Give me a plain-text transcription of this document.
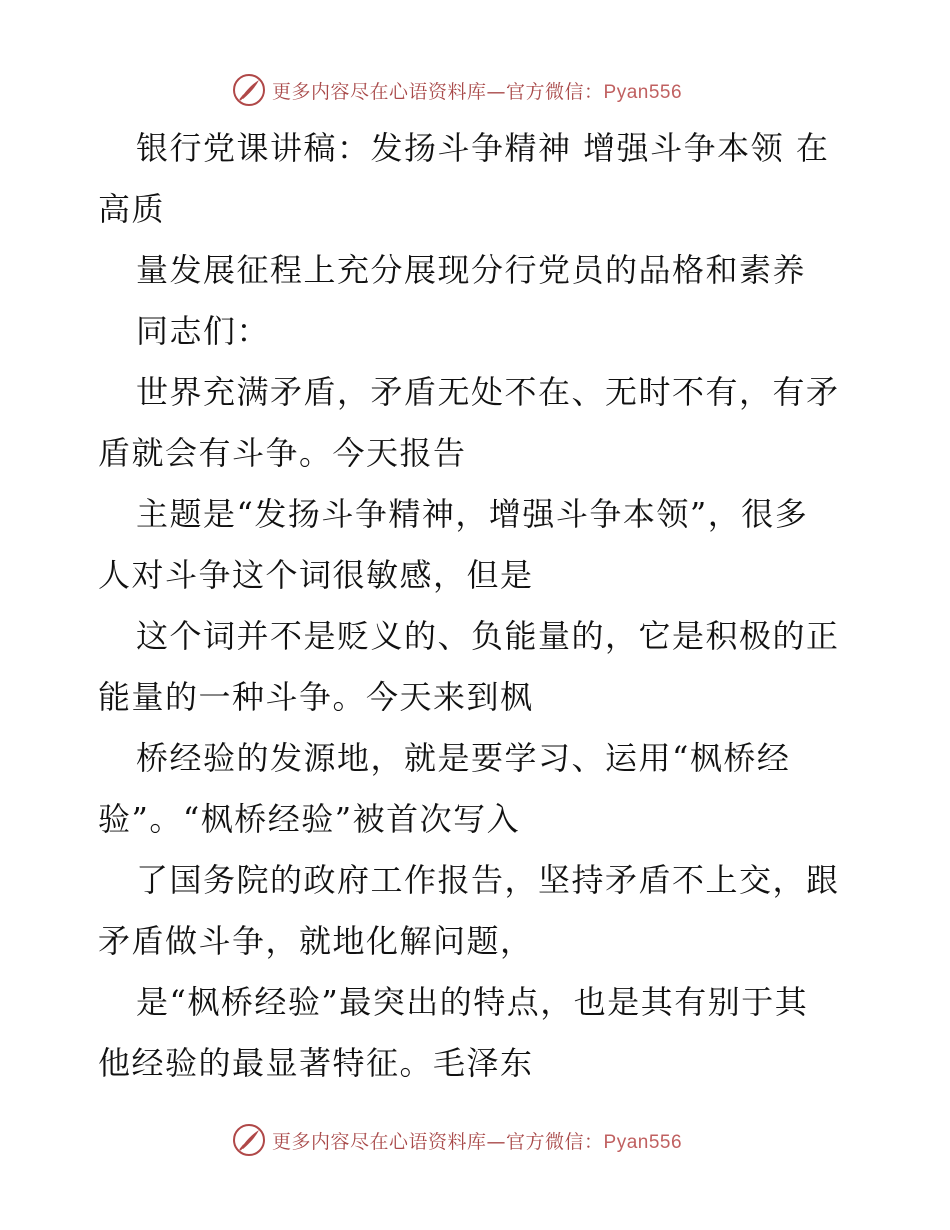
更多内容尽在心语资料库—官方微信：Pyan556
银行党课讲稿：发扬斗争精神 增强斗争本领 在
高质
量发展征程上充分展现分行党员的品格和素养
同志们：
世界充满矛盾，矛盾无处不在、无时不有，有矛
盾就会有斗争。今天报告
主题是“发扬斗争精神，增强斗争本领”，很多
人对斗争这个词很敏感，但是
这个词并不是贬义的、负能量的，它是积极的正
能量的一种斗争。今天来到枫
桥经验的发源地，就是要学习、运用“枫桥经
验”。“枫桥经验”被首次写入
了国务院的政府工作报告，坚持矛盾不上交，跟
矛盾做斗争，就地化解问题，
是“枫桥经验”最突出的特点，也是其有别于其
他经验的最显著特征。毛泽东
更多内容尽在心语资料库—官方微信：Pyan556
